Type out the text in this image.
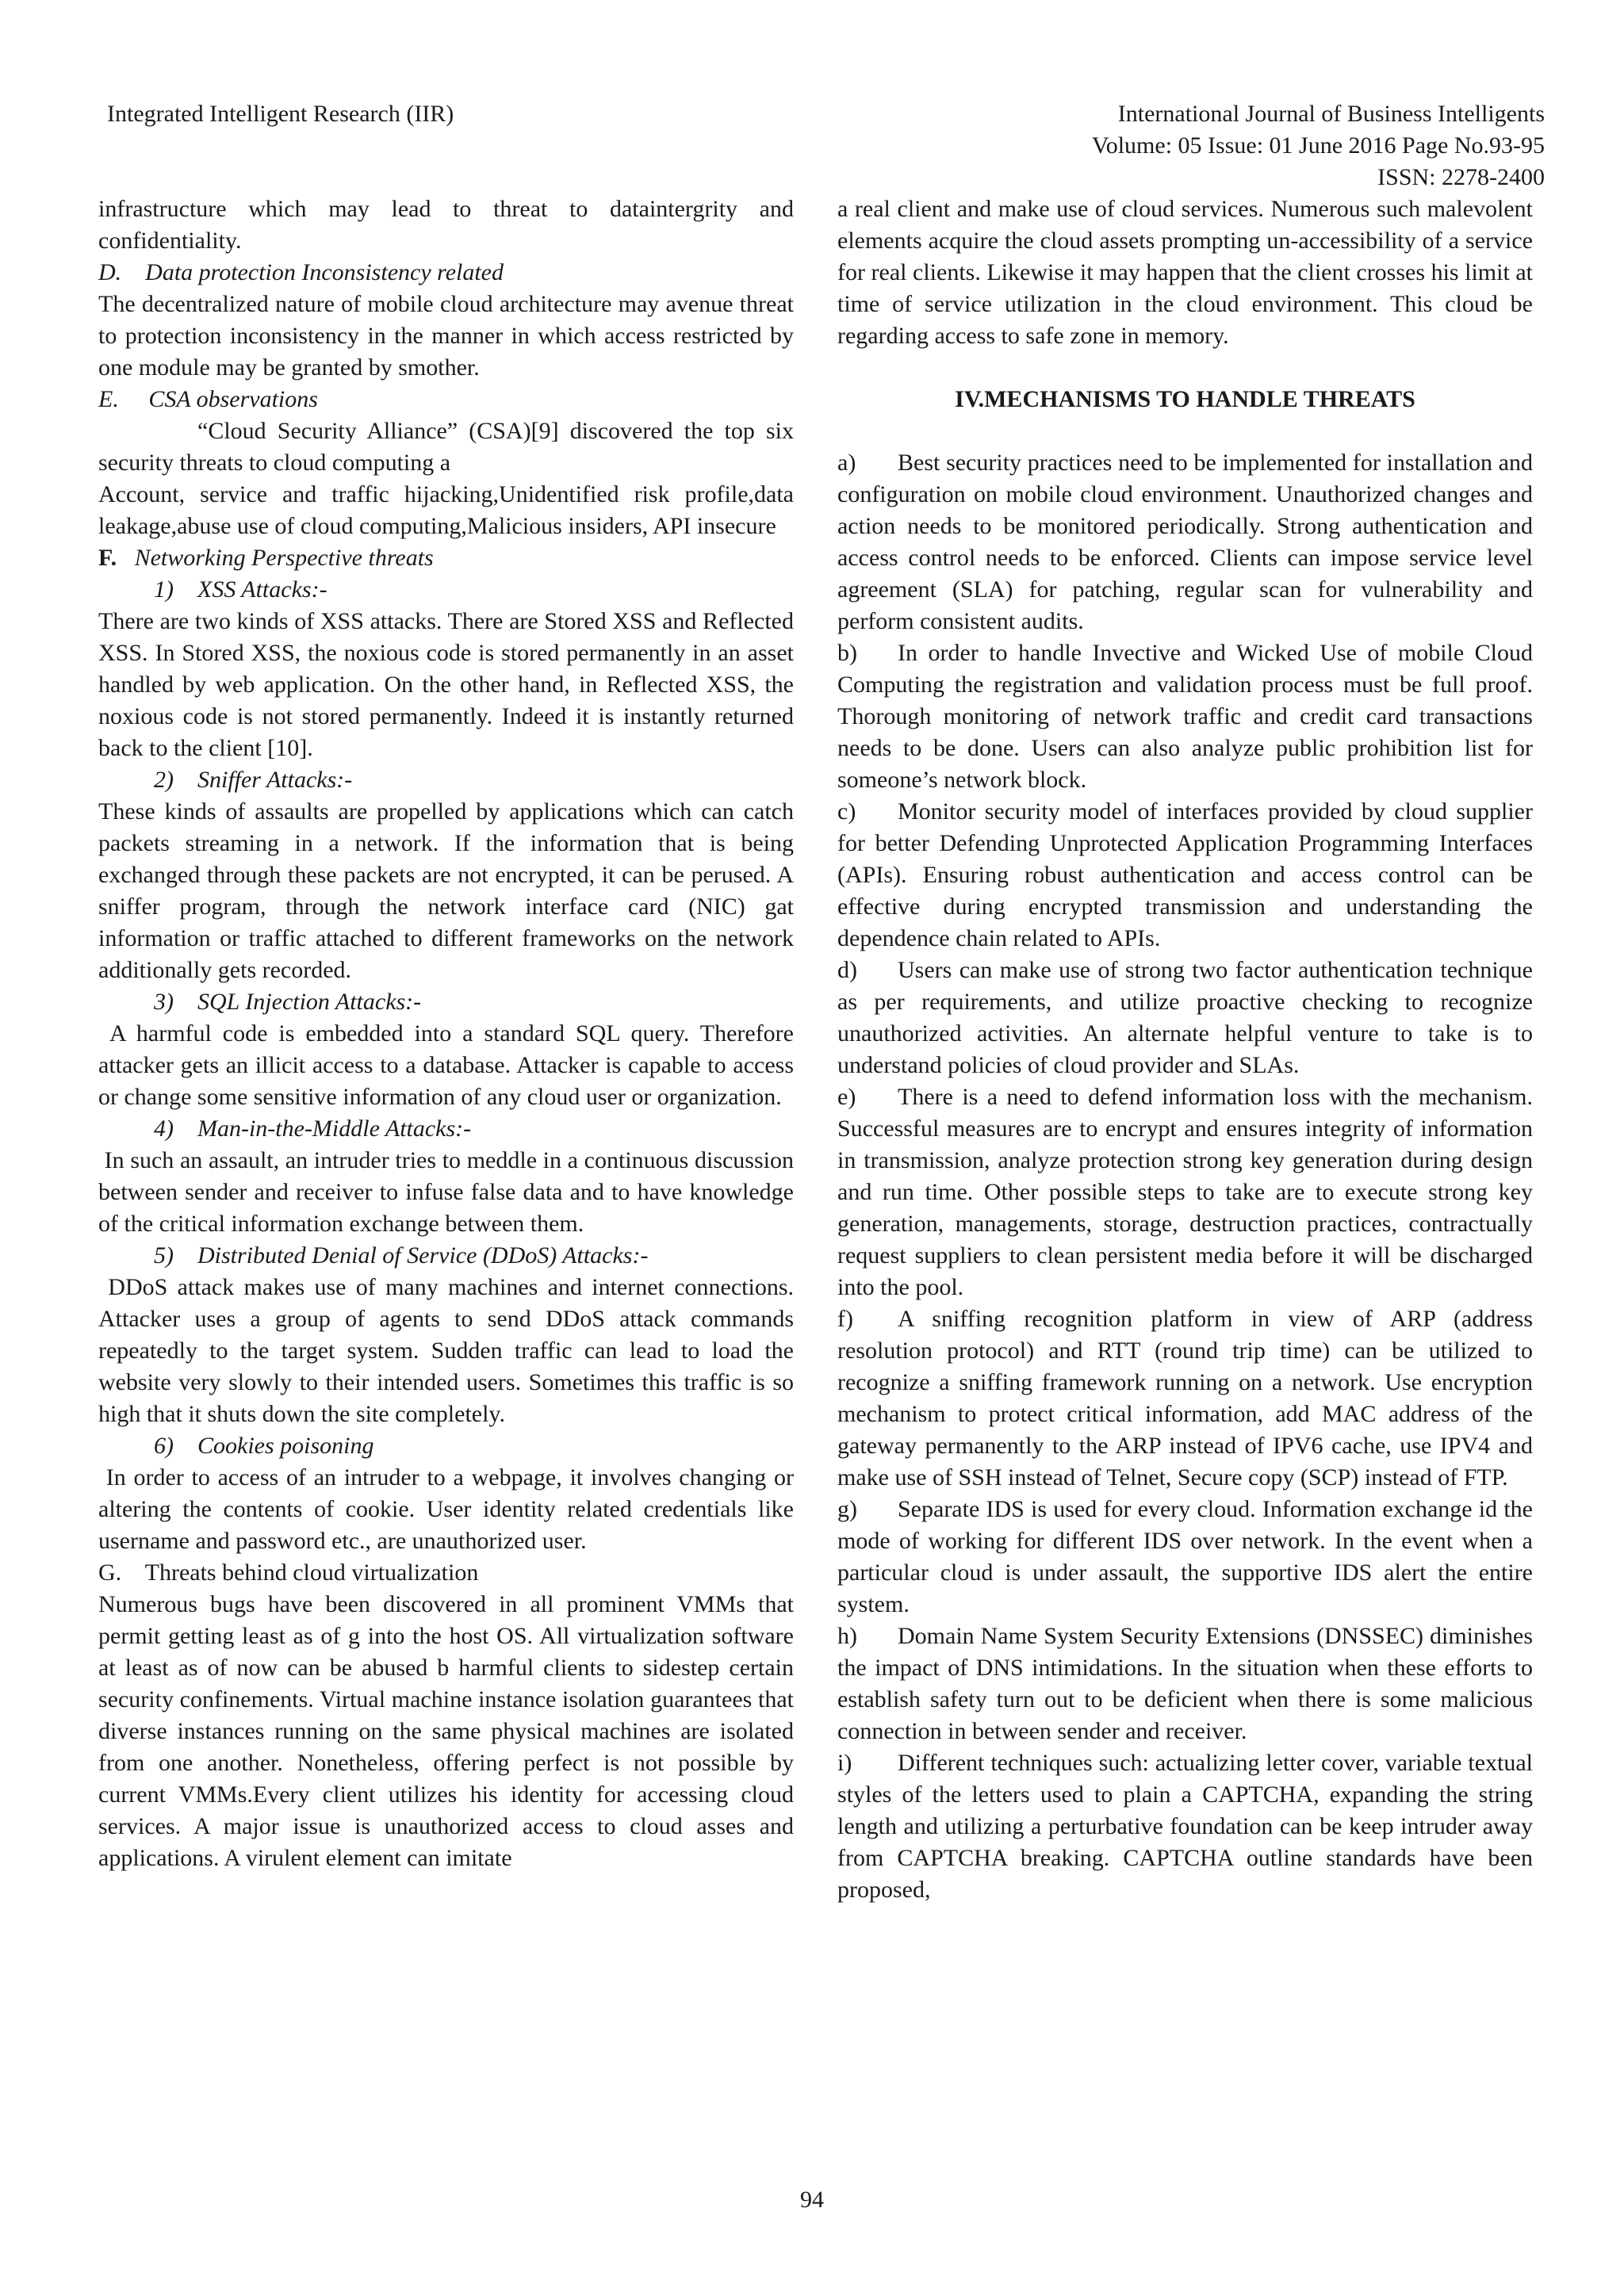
Integrated Intelligent Research (IIR)	International Journal of Business Intelligents
Volume: 05 Issue: 01 June 2016 Page No.93-95
ISSN: 2278-2400

infrastructure which may lead to threat to dataintergrity and confidentiality.

D.    Data protection Inconsistency related

The decentralized nature of mobile cloud architecture may avenue threat to protection inconsistency in the manner in which access restricted by one module may be granted by smother.

E.     CSA observations

“Cloud Security Alliance” (CSA)[9] discovered the top six security threats to cloud computing a

Account, service and traffic hijacking,Unidentified risk profile,data leakage,abuse use of cloud computing,Malicious insiders, API insecure

F. Networking Perspective threats

1)    XSS Attacks:-

There are two kinds of XSS attacks. There are Stored XSS and Reflected XSS. In Stored XSS, the noxious code is stored permanently in an asset handled by web application. On the other hand, in Reflected XSS, the noxious code is not stored permanently. Indeed it is instantly returned back to the client [10].

2)    Sniffer Attacks:-

These kinds of assaults are propelled by applications which can catch packets streaming in a network. If the information that is being exchanged through these packets are not encrypted, it can be perused. A sniffer program, through the network interface card (NIC) gat information or traffic attached to different frameworks on the network additionally gets recorded.

3)    SQL Injection Attacks:-

A harmful code is embedded into a standard SQL query. Therefore attacker gets an illicit access to a database. Attacker is capable to access or change some sensitive information of any cloud user or organization.

4)    Man-in-the-Middle Attacks:-

In such an assault, an intruder tries to meddle in a continuous discussion between sender and receiver to infuse false data and to have knowledge of the critical information exchange between them.

5)    Distributed Denial of Service (DDoS) Attacks:-

DDoS attack makes use of many machines and internet connections. Attacker uses a group of agents to send DDoS attack commands repeatedly to the target system. Sudden traffic can lead to load the website very slowly to their intended users. Sometimes this traffic is so high that it shuts down the site completely.

6)    Cookies poisoning

In order to access of an intruder to a webpage, it involves changing or altering the contents of cookie. User identity related credentials like username and password etc., are unauthorized user.

G.    Threats behind cloud virtualization

Numerous bugs have been discovered in all prominent VMMs that permit getting least as of g into the host OS. All virtualization software at least as of now can be abused b harmful clients to sidestep certain security confinements. Virtual machine instance isolation guarantees that diverse instances running on the same physical machines are isolated from one another. Nonetheless, offering perfect is not possible by current VMMs.Every client utilizes his identity for accessing cloud services. A major issue is unauthorized access to cloud asses and applications. A virulent element can imitate

a real client and make use of cloud services. Numerous such malevolent elements acquire the cloud assets prompting un-accessibility of a service for real clients. Likewise it may happen that the client crosses his limit at time of service utilization in the cloud environment. This cloud be regarding access to safe zone in memory.

IV.MECHANISMS TO HANDLE THREATS

a) Best security practices need to be implemented for installation and configuration on mobile cloud environment. Unauthorized changes and action needs to be monitored periodically. Strong authentication and access control needs to be enforced. Clients can impose service level agreement (SLA) for patching, regular scan for vulnerability and perform consistent audits.

b) In order to handle Invective and Wicked Use of mobile Cloud Computing the registration and validation process must be full proof. Thorough monitoring of network traffic and credit card transactions needs to be done. Users can also analyze public prohibition list for someone’s network block.

c) Monitor security model of interfaces provided by cloud supplier for better Defending Unprotected Application Programming Interfaces (APIs). Ensuring robust authentication and access control can be effective during encrypted transmission and understanding the dependence chain related to APIs.

d) Users can make use of strong two factor authentication technique as per requirements, and utilize proactive checking to recognize unauthorized activities. An alternate helpful venture to take is to understand policies of cloud provider and SLAs.

e) There is a need to defend information loss with the mechanism. Successful measures are to encrypt and ensures integrity of information in transmission, analyze protection strong key generation during design and run time. Other possible steps to take are to execute strong key generation, managements, storage, destruction practices, contractually request suppliers to clean persistent media before it will be discharged into the pool.

f) A sniffing recognition platform in view of ARP (address resolution protocol) and RTT (round trip time) can be utilized to recognize a sniffing framework running on a network. Use encryption mechanism to protect critical information, add MAC address of the gateway permanently to the ARP instead of IPV6 cache, use IPV4 and make use of SSH instead of Telnet, Secure copy (SCP) instead of FTP.

g) Separate IDS is used for every cloud. Information exchange id the mode of working for different IDS over network. In the event when a particular cloud is under assault, the supportive IDS alert the entire system.

h) Domain Name System Security Extensions (DNSSEC) diminishes the impact of DNS intimidations. In the situation when these efforts to establish safety turn out to be deficient when there is some malicious connection in between sender and receiver.

i) Different techniques such: actualizing letter cover, variable textual styles of the letters used to plain a CAPTCHA, expanding the string length and utilizing a perturbative foundation can be keep intruder away from CAPTCHA breaking. CAPTCHA outline standards have been proposed,

94
